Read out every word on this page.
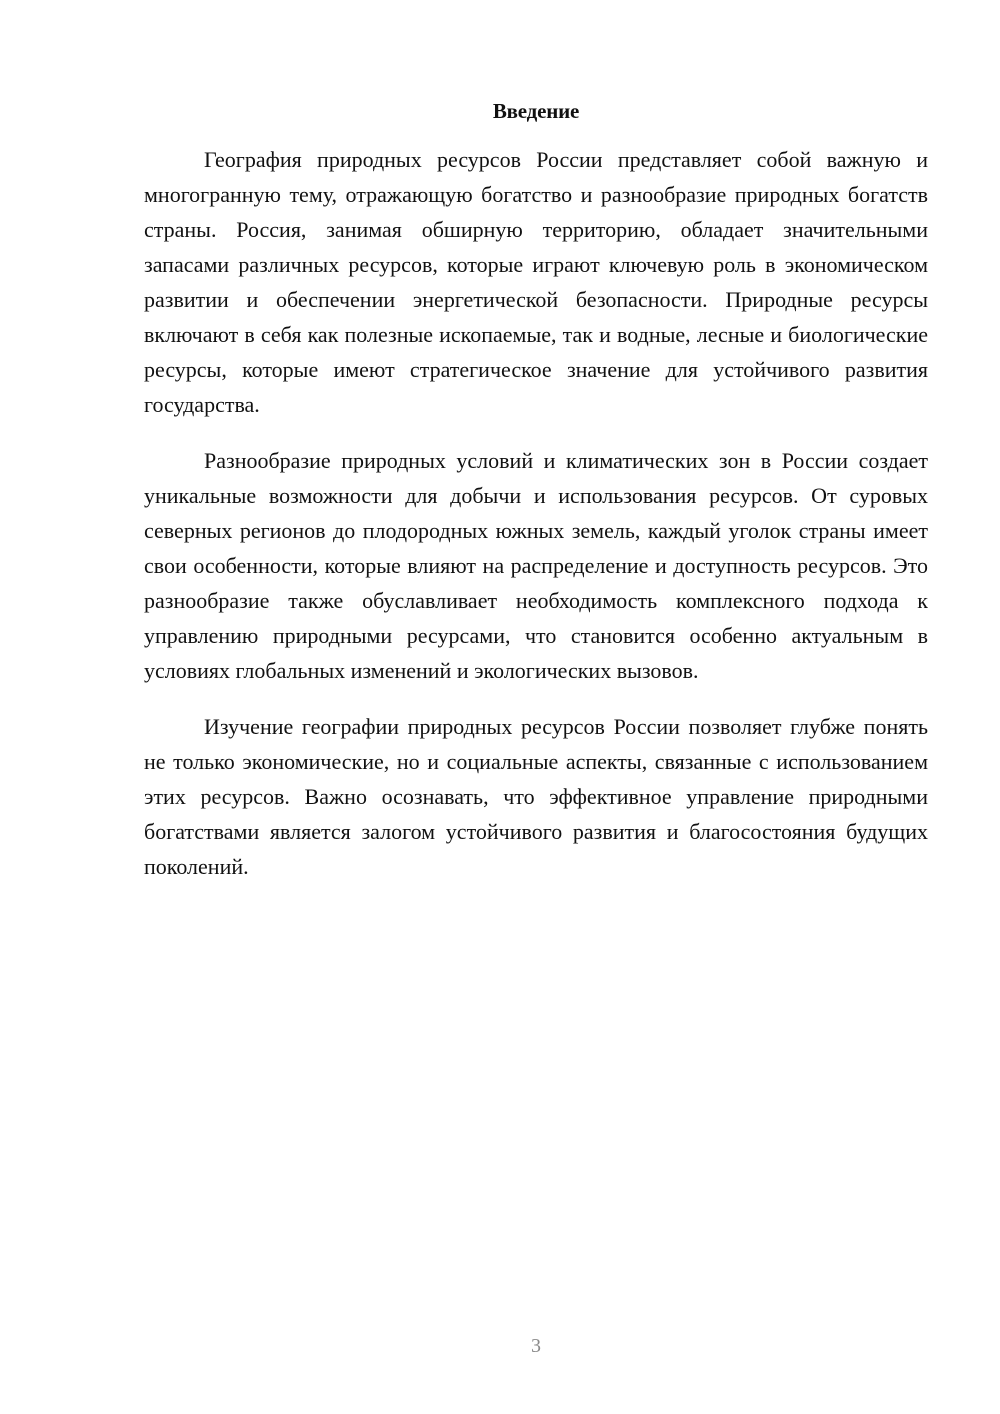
Введение

География природных ресурсов России представляет собой важную и многогранную тему, отражающую богатство и разнообразие природных богатств страны. Россия, занимая обширную территорию, обладает значительными запасами различных ресурсов, которые играют ключевую роль в экономическом развитии и обеспечении энергетической безопасности. Природные ресурсы включают в себя как полезные ископаемые, так и водные, лесные и биологические ресурсы, которые имеют стратегическое значение для устойчивого развития государства.

Разнообразие природных условий и климатических зон в России создает уникальные возможности для добычи и использования ресурсов. От суровых северных регионов до плодородных южных земель, каждый уголок страны имеет свои особенности, которые влияют на распределение и доступность ресурсов. Это разнообразие также обуславливает необходимость комплексного подхода к управлению природными ресурсами, что становится особенно актуальным в условиях глобальных изменений и экологических вызовов.

Изучение географии природных ресурсов России позволяет глубже понять не только экономические, но и социальные аспекты, связанные с использованием этих ресурсов. Важно осознавать, что эффективное управление природными богатствами является залогом устойчивого развития и благосостояния будущих поколений.

3
